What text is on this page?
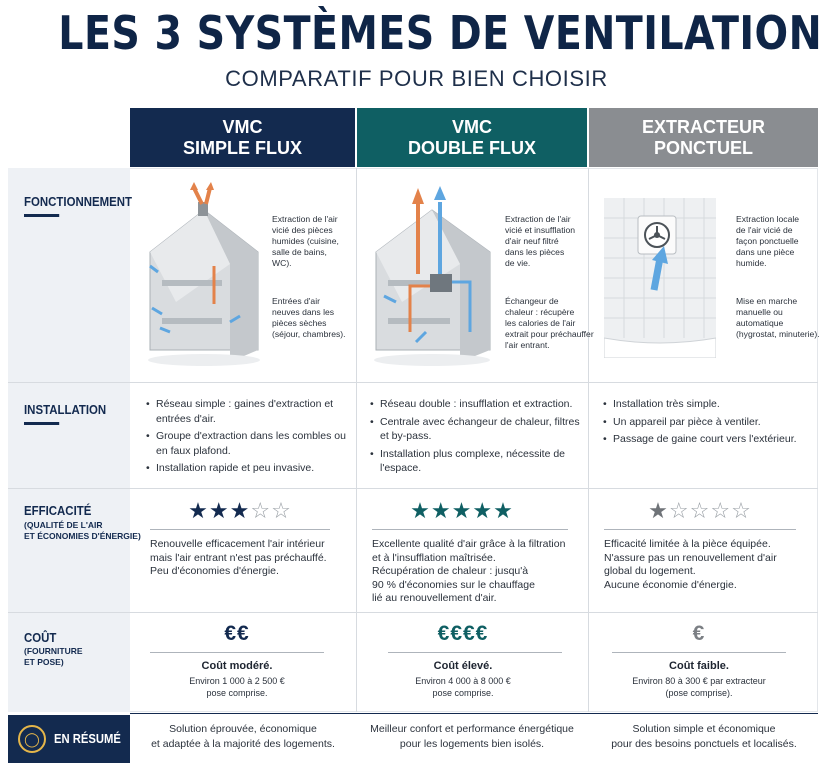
LES 3 SYSTÈMES DE VENTILATION
COMPARATIF POUR BIEN CHOISIR
VMC
SIMPLE FLUX
VMC
DOUBLE FLUX
EXTRACTEUR
PONCTUEL
FONCTIONNEMENT
Extraction de l'air
vicié des pièces
humides (cuisine,
salle de bains,
WC).
Entrées d'air
neuves dans les
pièces sèches
(séjour, chambres).
Extraction de l'air
vicié et insufflation
d'air neuf filtré
dans les pièces
de vie.
Échangeur de
chaleur : récupère
les calories de l'air
extrait pour préchauffer
l'air entrant.
Extraction locale
de l'air vicié de
façon ponctuelle
dans une pièce
humide.
Mise en marche
manuelle ou
automatique
(hygrostat, minuterie).
INSTALLATION
•	Réseau simple : gaines d'extraction et entrées d'air.
• Groupe d'extraction dans les combles ou en faux plafond.
• Installation rapide et peu invasive.
• Réseau double : insufflation et extraction.
• Centrale avec échangeur de chaleur, filtres et by-pass.
• Installation plus complexe, nécessite de l'espace.
• Installation très simple.
• Un appareil par pièce à ventiler.
• Passage de gaine court vers l'extérieur.
EFFICACITÉ
(QUALITÉ DE L'AIR
ET ÉCONOMIES D'ÉNERGIE)
★★★☆☆
Renouvelle efficacement l'air intérieur
mais l'air entrant n'est pas préchauffé.
Peu d'économies d'énergie.
★★★★★
Excellente qualité d'air grâce à la filtration
et à l'insufflation maîtrisée.
Récupération de chaleur : jusqu'à
90 % d'économies sur le chauffage
lié au renouvellement d'air.
★☆☆☆☆
Efficacité limitée à la pièce équipée.
N'assure pas un renouvellement d'air
global du logement.
Aucune économie d'énergie.
COÛT
(FOURNITURE
ET POSE)
€€
Coût modéré.
Environ 1 000 à 2 500 €
pose comprise.
€€€€
Coût élevé.
Environ 4 000 à 8 000 €
pose comprise.
€
Coût faible.
Environ 80 à 300 € par extracteur
(pose comprise).
◯	EN RÉSUMÉ
Solution éprouvée, économique
et adaptée à la majorité des logements.
Meilleur confort et performance énergétique
pour les logements bien isolés.
Solution simple et économique
pour des besoins ponctuels et localisés.
